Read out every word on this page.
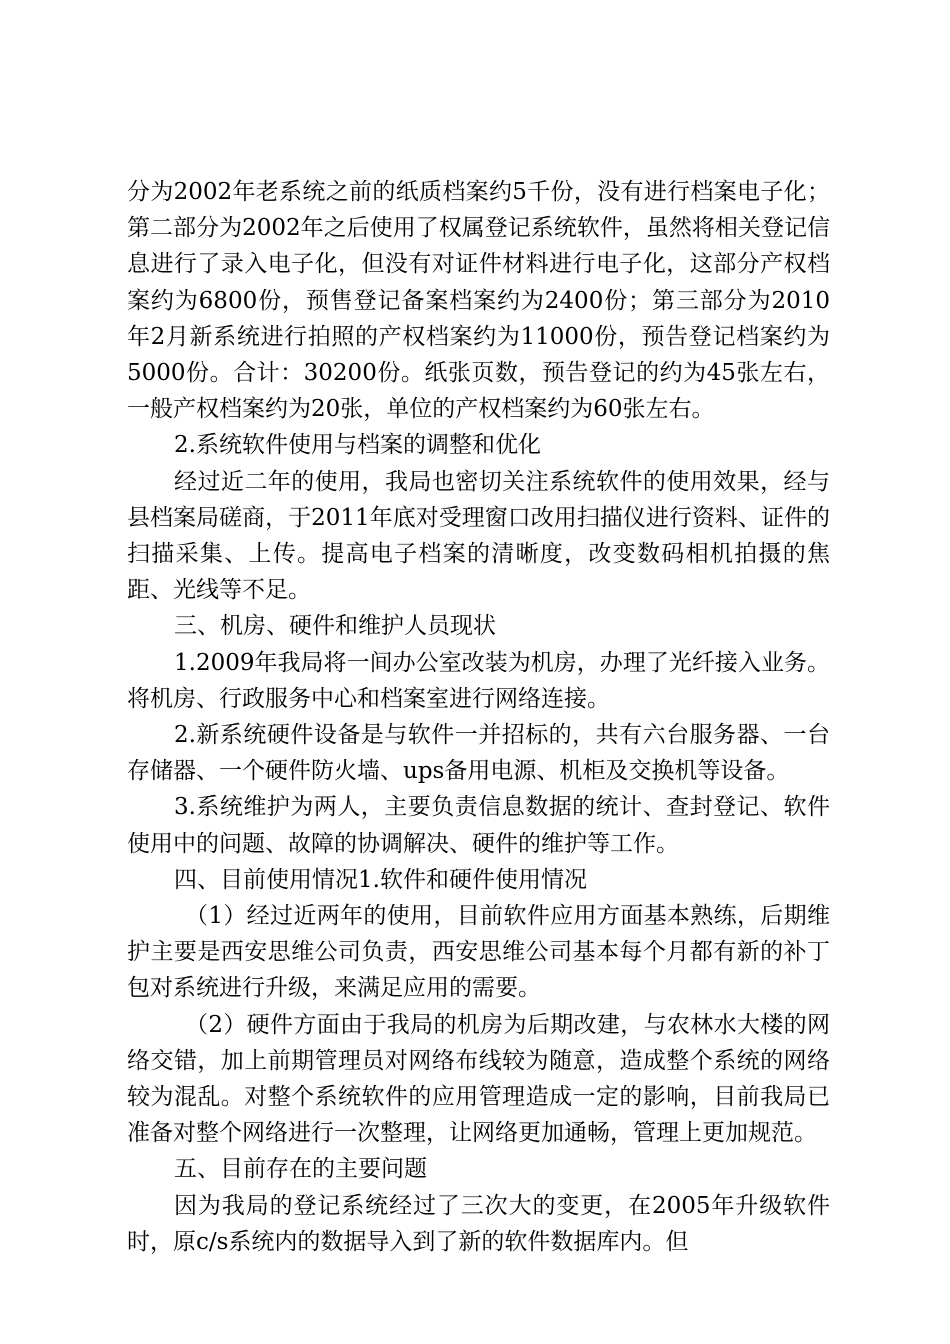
分为2002年老系统之前的纸质档案约5千份，没有进行档案电子化；第二部分为2002年之后使用了权属登记系统软件，虽然将相关登记信息进行了录入电子化，但没有对证件材料进行电子化，这部分产权档案约为6800份，预售登记备案档案约为2400份；第三部分为2010年2月新系统进行拍照的产权档案约为11000份，预告登记档案约为5000份。合计：30200份。纸张页数，预告登记的约为45张左右，一般产权档案约为20张，单位的产权档案约为60张左右。

2.系统软件使用与档案的调整和优化

经过近二年的使用，我局也密切关注系统软件的使用效果，经与县档案局磋商，于2011年底对受理窗口改用扫描仪进行资料、证件的扫描采集、上传。提高电子档案的清晰度，改变数码相机拍摄的焦距、光线等不足。

三、机房、硬件和维护人员现状

1.2009年我局将一间办公室改装为机房，办理了光纤接入业务。将机房、行政服务中心和档案室进行网络连接。

2.新系统硬件设备是与软件一并招标的，共有六台服务器、一台存储器、一个硬件防火墙、ups备用电源、机柜及交换机等设备。

3.系统维护为两人，主要负责信息数据的统计、查封登记、软件使用中的问题、故障的协调解决、硬件的维护等工作。

四、目前使用情况1.软件和硬件使用情况

（1）经过近两年的使用，目前软件应用方面基本熟练，后期维护主要是西安思维公司负责，西安思维公司基本每个月都有新的补丁包对系统进行升级，来满足应用的需要。

（2）硬件方面由于我局的机房为后期改建，与农林水大楼的网络交错，加上前期管理员对网络布线较为随意，造成整个系统的网络较为混乱。对整个系统软件的应用管理造成一定的影响，目前我局已准备对整个网络进行一次整理，让网络更加通畅，管理上更加规范。

五、目前存在的主要问题

因为我局的登记系统经过了三次大的变更，在2005年升级软件时，原c/s系统内的数据导入到了新的软件数据库内。但
